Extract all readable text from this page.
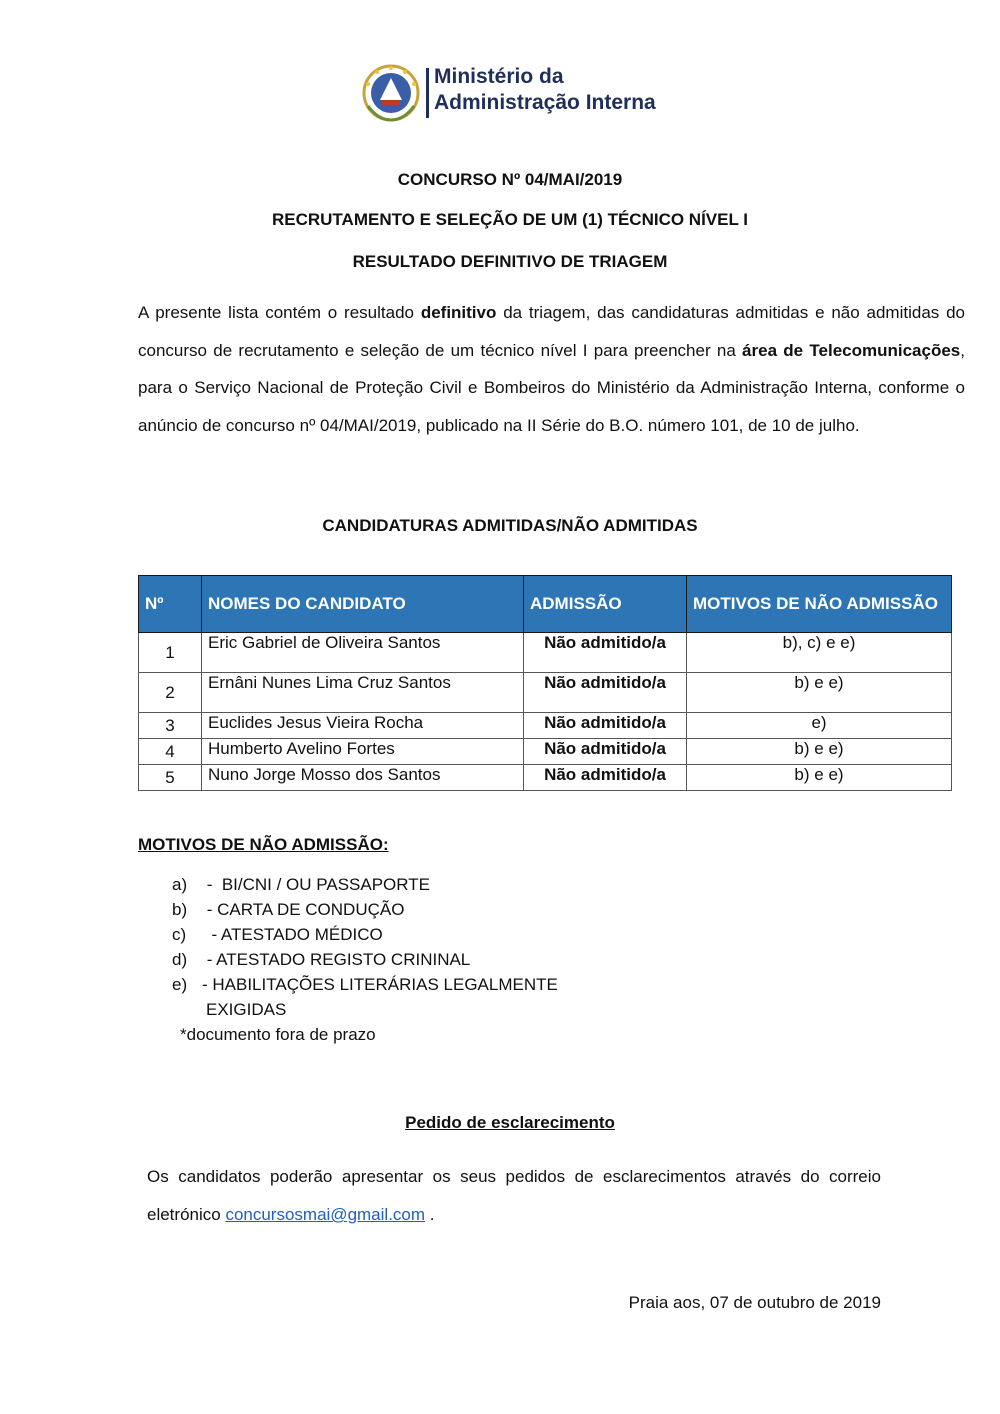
Ministério da
Administração Interna
CONCURSO Nº 04/MAI/2019
RECRUTAMENTO E SELEÇÃO DE UM (1) TÉCNICO NÍVEL I
RESULTADO DEFINITIVO DE TRIAGEM
A presente lista contém o resultado definitivo da triagem, das candidaturas admitidas e não admitidas do concurso de recrutamento e seleção de um técnico nível I para preencher na área de Telecomunicações, para o Serviço Nacional de Proteção Civil e Bombeiros do Ministério da Administração Interna, conforme o anúncio de concurso nº 04/MAI/2019, publicado na II Série do B.O. número 101, de 10 de julho.
CANDIDATURAS ADMITIDAS/NÃO ADMITIDAS
Nº	NOMES DO CANDIDATO	ADMISSÃO	MOTIVOS DE NÃO ADMISSÃO
1	Eric Gabriel de Oliveira Santos	Não admitido/a	b), c) e e)
2	Ernâni Nunes Lima Cruz Santos	Não admitido/a	b) e e)
3	Euclides Jesus Vieira Rocha	Não admitido/a	e)
4	Humberto Avelino Fortes	Não admitido/a	b) e e)
5	Nuno Jorge Mosso dos Santos	Não admitido/a	b) e e)
MOTIVOS DE NÃO ADMISSÃO:
a) -  BI/CNI / OU PASSAPORTE
b) - CARTA DE CONDUÇÃO
c) - ATESTADO MÉDICO
d) - ATESTADO REGISTO CRININAL
e) - HABILITAÇÕES LITERÁRIAS LEGALMENTE EXIGIDAS
*documento fora de prazo
Pedido de esclarecimento
Os candidatos poderão apresentar os seus pedidos de esclarecimentos através do correio eletrónico concursosmai@gmail.com .
Praia aos, 07 de outubro de 2019
